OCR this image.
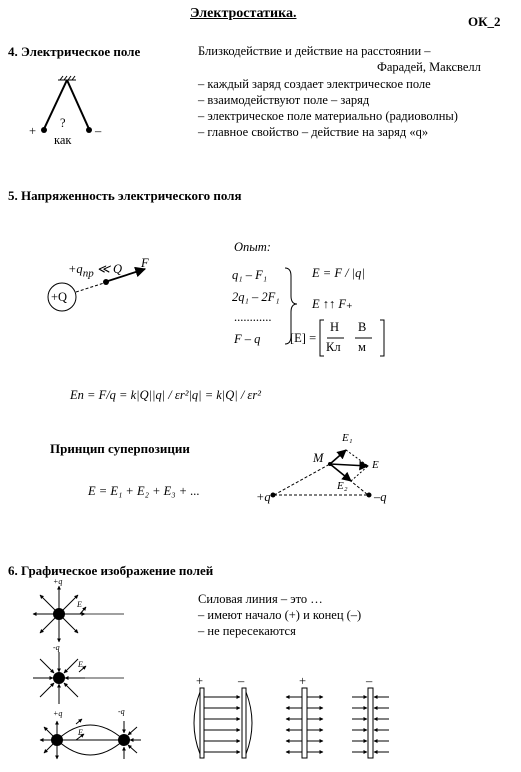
Электростатика.
ОК_2
4. Электрическое поле	Близкодействие и действие на расстоянии –
Фарадей, Максвелл
– каждый заряд создает электрическое поле
– взаимодействуют поле – заряд
– электрическое поле материально (радиоволны)
– главное свойство – действие на заряд «q»
+	–
?
как
5. Напряженность электрического поля
Опыт:
$+q_{пр}$ ≪ Q
+Q
F
q₁ – F₁
2q₁ – 2F₁
............
F – q
E = F / |q|
E ↑↑ F₊
[E] =
Н
Кл
В
м
Eп = F/q = k|Q||q| / εr²|q| = k|Q| / εr²
Принцип суперпозиции
E = E₁ + E₂ + E₃ + ...
M
E₁
E₂
E
+q	–q
6. Графическое изображение полей
Силовая линия – это …
– имеют начало (+) и конец (–)
– не пересекаются
+q
E
-q
E
+q	-q
E
+	–	+	–
